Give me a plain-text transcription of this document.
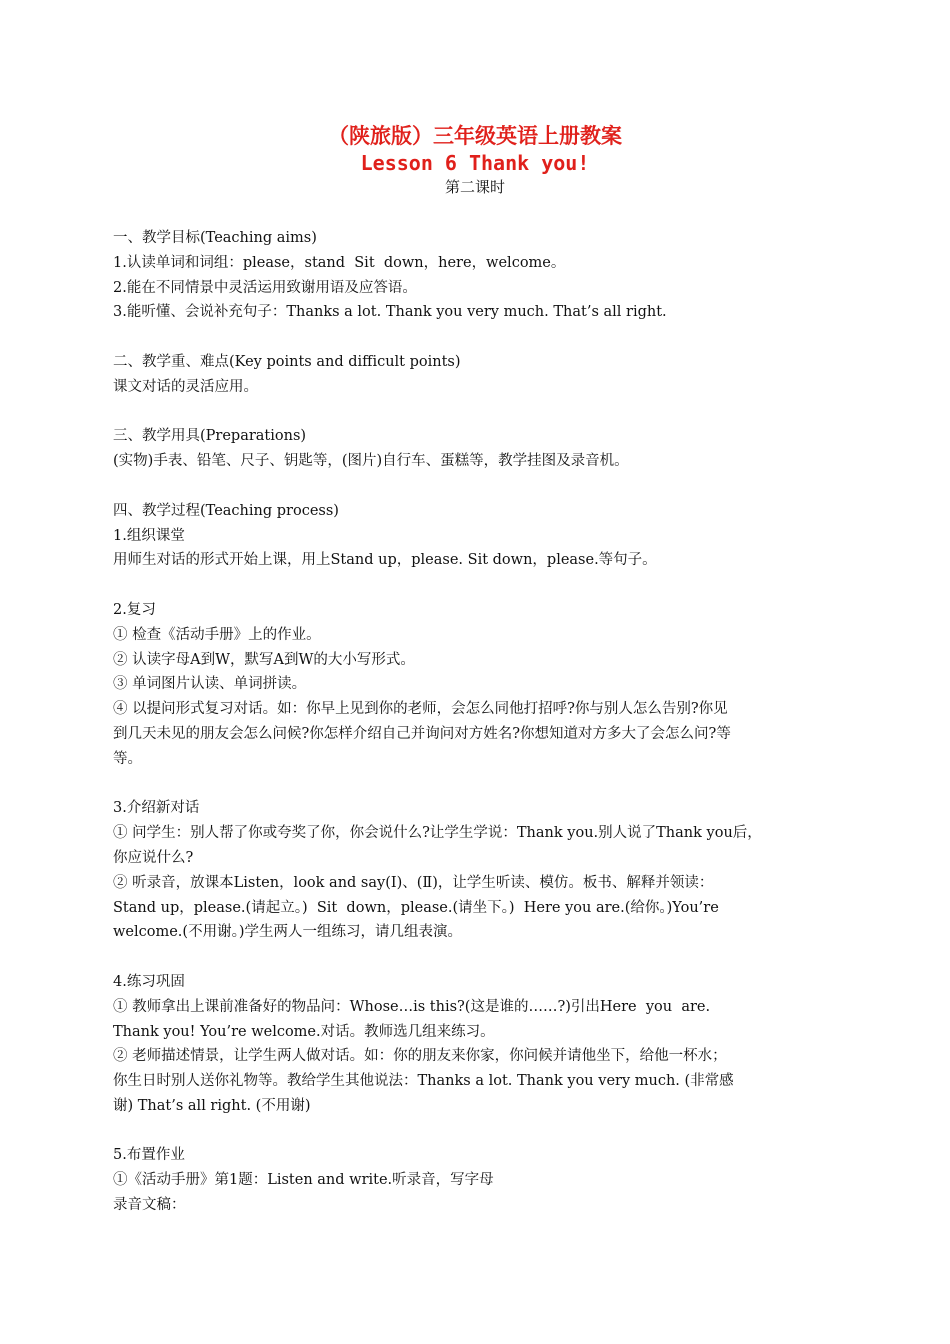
（陕旅版）三年级英语上册教案
Lesson 6 Thank you!
第二课时

一、教学目标(Teaching aims)

1.认读单词和词组：please，stand  Sit  down，here，welcome。

2.能在不同情景中灵活运用致谢用语及应答语。

3.能听懂、会说补充句子：Thanks a lot. Thank you very much. That’s all right.

二、教学重、难点(Key points and difficult points)

课文对话的灵活应用。

三、教学用具(Preparations)

(实物)手表、铅笔、尺子、钥匙等，(图片)自行车、蛋糕等，教学挂图及录音机。

四、教学过程(Teaching process)

1.组织课堂

用师生对话的形式开始上课，用上Stand up，please. Sit down，please.等句子。

2.复习

① 检查《活动手册》上的作业。

② 认读字母A到W，默写A到W的大小写形式。

③ 单词图片认读、单词拼读。

④ 以提问形式复习对话。如：你早上见到你的老师，会怎么同他打招呼?你与别人怎么告别?你见

到几天未见的朋友会怎么问候?你怎样介绍自己并询问对方姓名?你想知道对方多大了会怎么问?等

等。

3.介绍新对话

① 问学生：别人帮了你或夸奖了你，你会说什么?让学生学说：Thank you.别人说了Thank you后，

你应说什么?

② 听录音，放课本Listen，look and say(I)、(Ⅱ)，让学生听读、模仿。板书、解释并领读：

Stand up，please.(请起立。)  Sit  down，please.(请坐下。)  Here you are.(给你。)You’re

welcome.(不用谢。)学生两人一组练习，请几组表演。

4.练习巩固

① 教师拿出上课前准备好的物品问：Whose…is this?(这是谁的……?)引出Here  you  are.

Thank you! You’re welcome.对话。教师选几组来练习。

② 老师描述情景，让学生两人做对话。如：你的朋友来你家，你问候并请他坐下，给他一杯水；

你生日时别人送你礼物等。教给学生其他说法：Thanks a lot. Thank you very much. (非常感

谢) That’s all right. (不用谢)

5.布置作业

①《活动手册》第1题：Listen and write.听录音，写字母

录音文稿：
